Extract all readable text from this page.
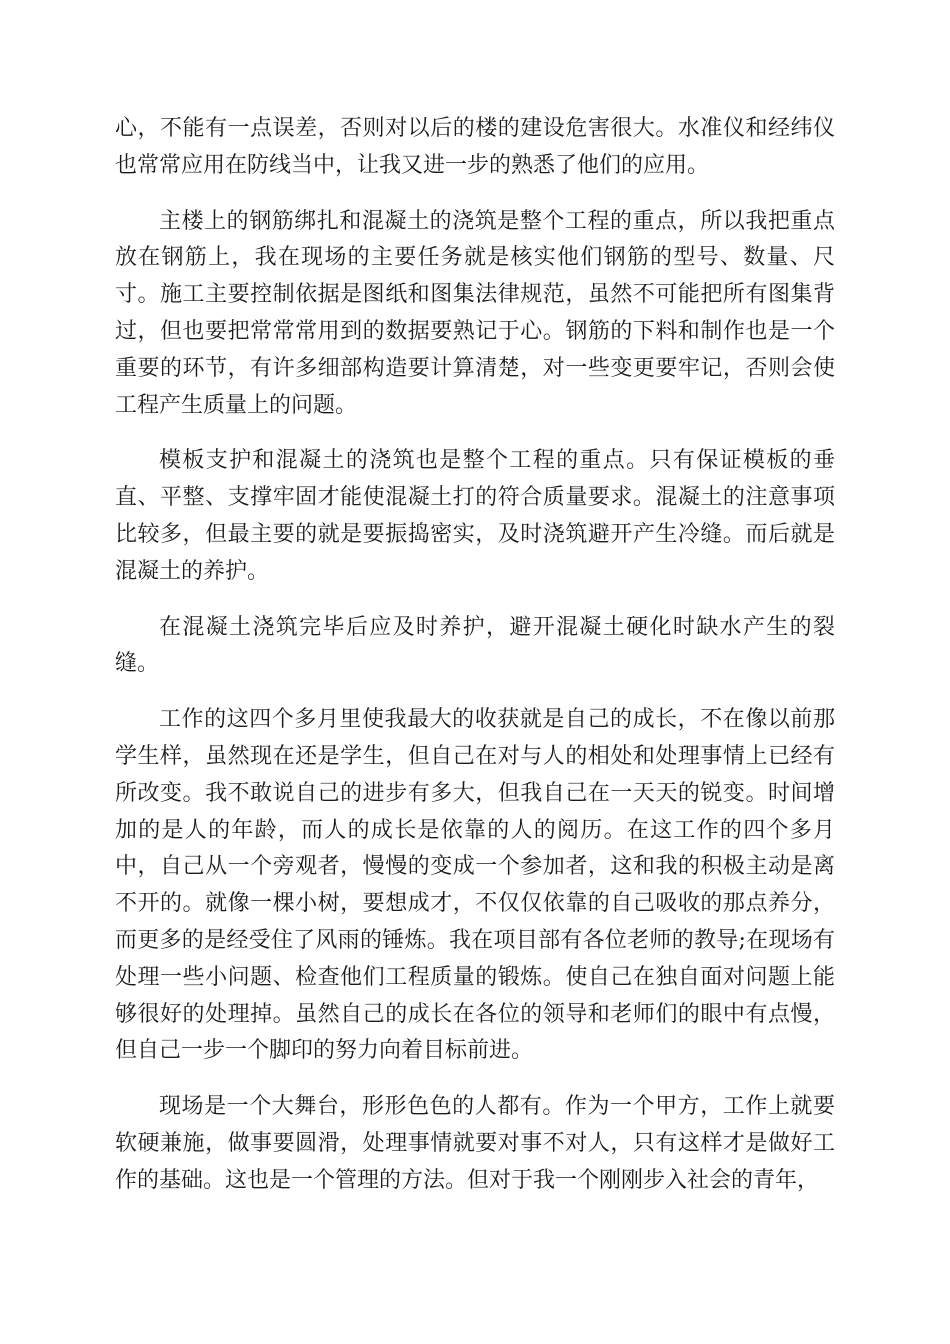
心，不能有一点误差，否则对以后的楼的建设危害很大。水准仪和经纬仪也常常应用在防线当中，让我又进一步的熟悉了他们的应用。

主楼上的钢筋绑扎和混凝土的浇筑是整个工程的重点，所以我把重点放在钢筋上，我在现场的主要任务就是核实他们钢筋的型号、数量、尺寸。施工主要控制依据是图纸和图集法律规范，虽然不可能把所有图集背过，但也要把常常常用到的数据要熟记于心。钢筋的下料和制作也是一个重要的环节，有许多细部构造要计算清楚，对一些变更要牢记，否则会使工程产生质量上的问题。

模板支护和混凝土的浇筑也是整个工程的重点。只有保证模板的垂直、平整、支撑牢固才能使混凝土打的符合质量要求。混凝土的注意事项比较多，但最主要的就是要振捣密实，及时浇筑避开产生冷缝。而后就是混凝土的养护。

在混凝土浇筑完毕后应及时养护，避开混凝土硬化时缺水产生的裂缝。

工作的这四个多月里使我最大的收获就是自己的成长，不在像以前那学生样，虽然现在还是学生，但自己在对与人的相处和处理事情上已经有所改变。我不敢说自己的进步有多大，但我自己在一天天的锐变。时间增加的是人的年龄，而人的成长是依靠的人的阅历。在这工作的四个多月中，自己从一个旁观者，慢慢的变成一个参加者，这和我的积极主动是离不开的。就像一棵小树，要想成才，不仅仅依靠的自己吸收的那点养分，而更多的是经受住了风雨的锤炼。我在项目部有各位老师的教导;在现场有处理一些小问题、检查他们工程质量的锻炼。使自己在独自面对问题上能够很好的处理掉。虽然自己的成长在各位的领导和老师们的眼中有点慢，但自己一步一个脚印的努力向着目标前进。

现场是一个大舞台，形形色色的人都有。作为一个甲方，工作上就要软硬兼施，做事要圆滑，处理事情就要对事不对人，只有这样才是做好工作的基础。这也是一个管理的方法。但对于我一个刚刚步入社会的青年，
